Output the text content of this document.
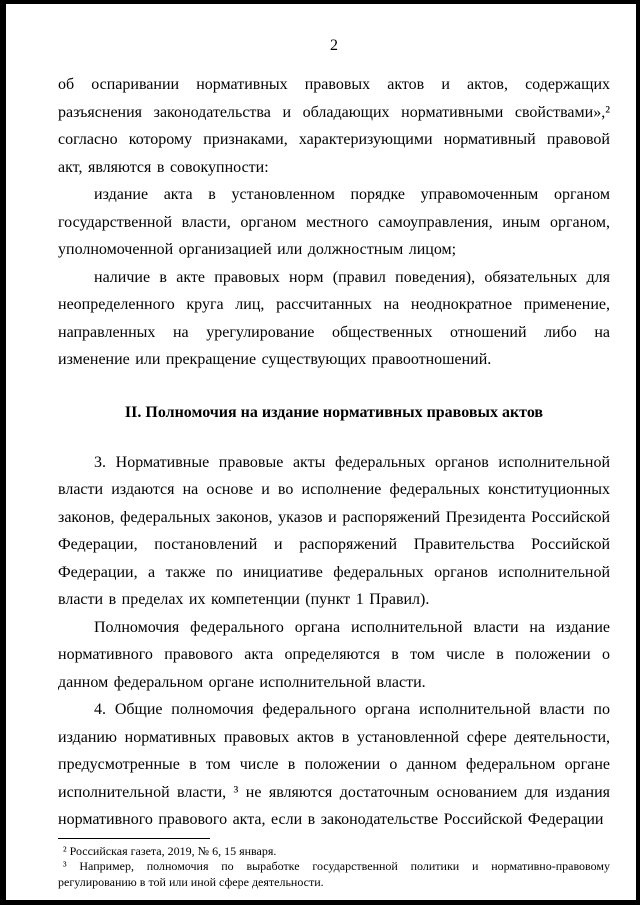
2

об оспаривании нормативных правовых актов и актов, содержащих разъяснения законодательства и обладающих нормативными свойствами»,² согласно которому признаками, характеризующими нормативный правовой акт, являются в совокупности:

издание акта в установленном порядке управомоченным органом государственной власти, органом местного самоуправления, иным органом, уполномоченной организацией или должностным лицом;

наличие в акте правовых норм (правил поведения), обязательных для неопределенного круга лиц, рассчитанных на неоднократное применение, направленных на урегулирование общественных отношений либо на изменение или прекращение существующих правоотношений.

II. Полномочия на издание нормативных правовых актов

3. Нормативные правовые акты федеральных органов исполнительной власти издаются на основе и во исполнение федеральных конституционных законов, федеральных законов, указов и распоряжений Президента Российской Федерации, постановлений и распоряжений Правительства Российской Федерации, а также по инициативе федеральных органов исполнительной власти в пределах их компетенции (пункт 1 Правил).

Полномочия федерального органа исполнительной власти на издание нормативного правового акта определяются в том числе в положении о данном федеральном органе исполнительной власти.

4. Общие полномочия федерального органа исполнительной власти по изданию нормативных правовых актов в установленной сфере деятельности, предусмотренные в том числе в положении о данном федеральном органе исполнительной власти, ³ не являются достаточным основанием для издания нормативного правового акта, если в законодательстве Российской Федерации

² Российская газета, 2019, № 6, 15 января.

³ Например, полномочия по выработке государственной политики и нормативно-правовому регулированию в той или иной сфере деятельности.
